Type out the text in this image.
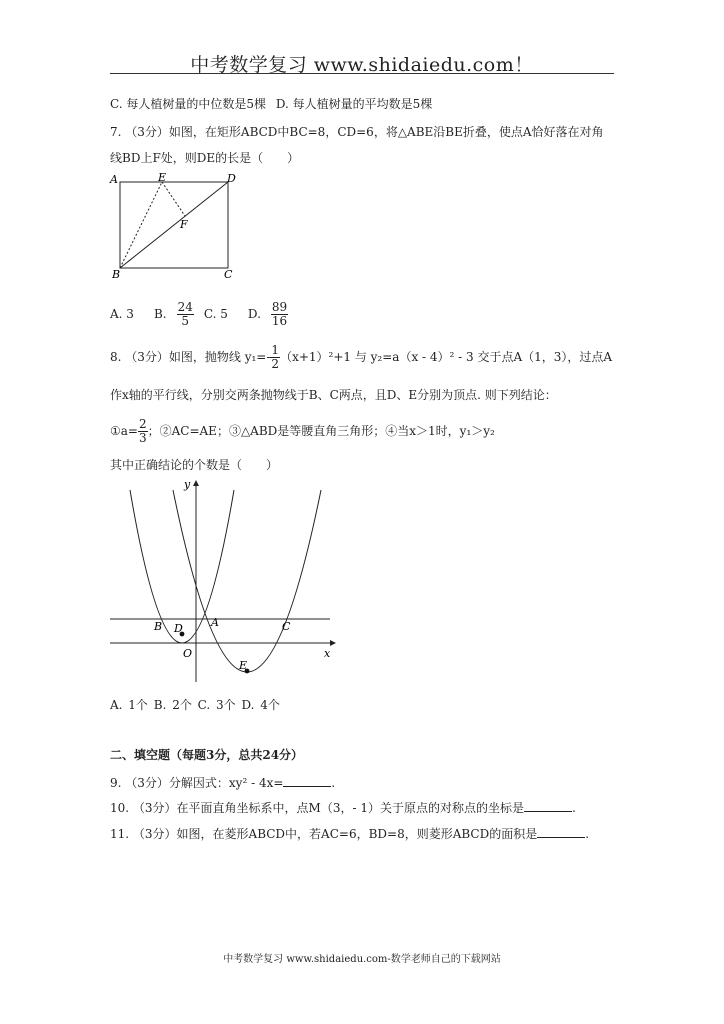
中考数学复习 www.shidaiedu.com！
C. 每人植树量的中位数是5棵 D. 每人植树量的平均数是5棵
7. （3分）如图，在矩形ABCD中BC=8，CD=6，将△ABE沿BE折叠，使点A恰好落在对角
线BD上F处，则DE的长是（　　）
A	E	D
F
B	C
A. 3 B. $\frac{24}{5} C$. 5 D. $\frac{89}{16}$
8. （3分）如图，抛物线 $y_1=- \frac{1}{2} (x+1)^2+1$ 与 y₂=a（x - 4）² - 3 交于点A（1，3），过点A
作x轴的平行线，分别交两条抛物线于B、C两点，且D、E分别为顶点. 则下列结论：
①a= $\frac{2}{3}$ ；②AC=AE；③△ABD是等腰直角三角形；④当x＞1时，y₁＞y₂
其中正确结论的个数是（　　）
y
x
O
B D	A	C
E
A. 1个 B. 2个 C. 3个 D. 4个
二、填空题（每题3分，总共24分）
9. （3分）分解因式：xy² - 4x=	.
10. （3分）在平面直角坐标系中，点M（3，- 1）关于原点的对称点的坐标是	.
11. （3分）如图，在菱形ABCD中，若AC=6，BD=8，则菱形ABCD的面积是	.
中考数学复习 www.shidaiedu.com-数学老师自己的下载网站
